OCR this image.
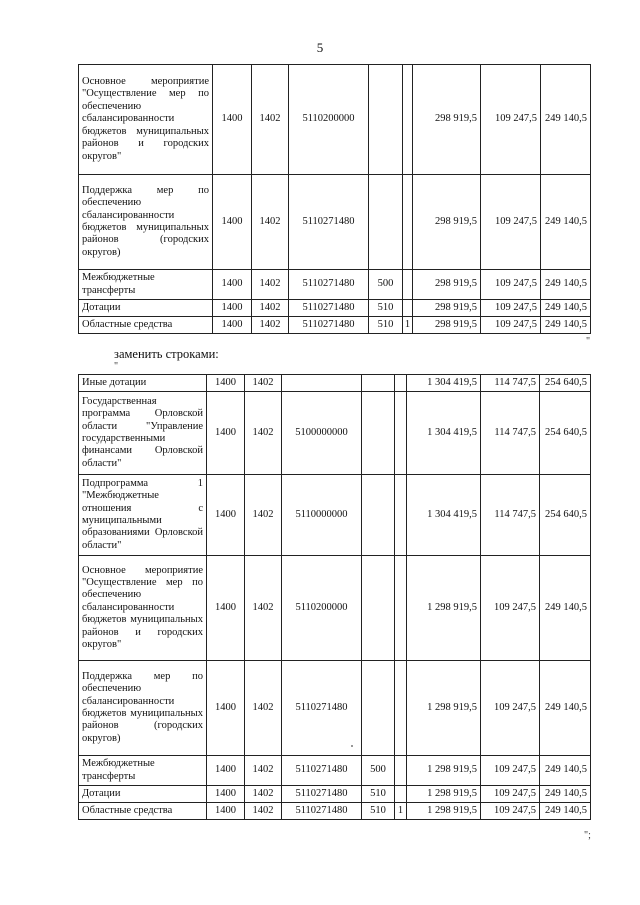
5
Основное мероприятие "Осуществление мер по обеспечению сбалансированности бюджетов муниципальных районов и городских округов"	1400	1402	5110200000			298 919,5	109 247,5	249 140,5
Поддержка мер по обеспечению сбалансированности бюджетов муниципальных районов (городских округов)	1400	1402	5110271480			298 919,5	109 247,5	249 140,5
Межбюджетные трансферты	1400	1402	5110271480	500		298 919,5	109 247,5	249 140,5
Дотации	1400	1402	5110271480	510		298 919,5	109 247,5	249 140,5
Областные средства	1400	1402	5110271480	510	1	298 919,5	109 247,5	249 140,5
"
заменить строками:
"
Иные дотации	1400	1402				1 304 419,5	114 747,5	254 640,5
Государственная программа Орловской области "Управление государственными финансами Орловской области"	1400	1402	5100000000			1 304 419,5	114 747,5	254 640,5
Подпрограмма 1 "Межбюджетные отношения с муниципальными образованиями Орловской области"	1400	1402	5110000000			1 304 419,5	114 747,5	254 640,5
Основное мероприятие "Осуществление мер по обеспечению сбалансированности бюджетов муниципальных районов и городских округов"	1400	1402	5110200000			1 298 919,5	109 247,5	249 140,5
Поддержка мер по обеспечению сбалансированности бюджетов муниципальных районов (городских округов)	1400	1402	5110271480			1 298 919,5	109 247,5	249 140,5
Межбюджетные трансферты	1400	1402	5110271480	500		1 298 919,5	109 247,5	249 140,5
Дотации	1400	1402	5110271480	510		1 298 919,5	109 247,5	249 140,5
Областные средства	1400	1402	5110271480	510	1	1 298 919,5	109 247,5	249 140,5
";
